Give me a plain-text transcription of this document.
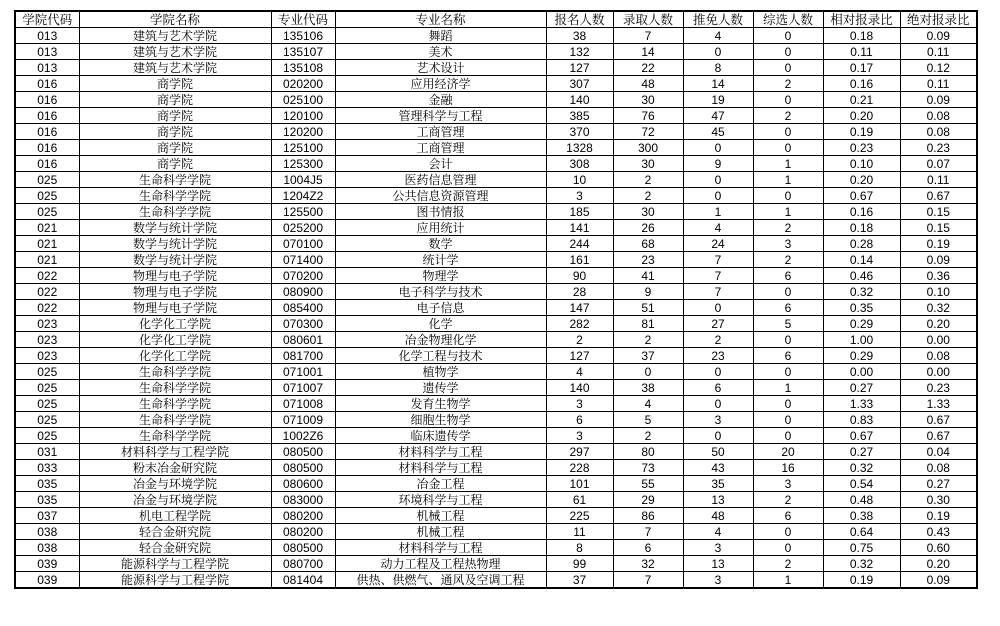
学院代码	学院名称	专业代码	专业名称	报名人数	录取人数	推免人数	综选人数	相对报录比	绝对报录比
013	建筑与艺术学院	135106	舞蹈	38	7	4	0	0.18	0.09
013	建筑与艺术学院	135107	美术	132	14	0	0	0.11	0.11
013	建筑与艺术学院	135108	艺术设计	127	22	8	0	0.17	0.12
016	商学院	020200	应用经济学	307	48	14	2	0.16	0.11
016	商学院	025100	金融	140	30	19	0	0.21	0.09
016	商学院	120100	管理科学与工程	385	76	47	2	0.20	0.08
016	商学院	120200	工商管理	370	72	45	0	0.19	0.08
016	商学院	125100	工商管理	1328	300	0	0	0.23	0.23
016	商学院	125300	会计	308	30	9	1	0.10	0.07
025	生命科学学院	1004J5	医药信息管理	10	2	0	1	0.20	0.11
025	生命科学学院	1204Z2	公共信息资源管理	3	2	0	0	0.67	0.67
025	生命科学学院	125500	图书情报	185	30	1	1	0.16	0.15
021	数学与统计学院	025200	应用统计	141	26	4	2	0.18	0.15
021	数学与统计学院	070100	数学	244	68	24	3	0.28	0.19
021	数学与统计学院	071400	统计学	161	23	7	2	0.14	0.09
022	物理与电子学院	070200	物理学	90	41	7	6	0.46	0.36
022	物理与电子学院	080900	电子科学与技术	28	9	7	0	0.32	0.10
022	物理与电子学院	085400	电子信息	147	51	0	6	0.35	0.32
023	化学化工学院	070300	化学	282	81	27	5	0.29	0.20
023	化学化工学院	080601	冶金物理化学	2	2	2	0	1.00	0.00
023	化学化工学院	081700	化学工程与技术	127	37	23	6	0.29	0.08
025	生命科学学院	071001	植物学	4	0	0	0	0.00	0.00
025	生命科学学院	071007	遗传学	140	38	6	1	0.27	0.23
025	生命科学学院	071008	发育生物学	3	4	0	0	1.33	1.33
025	生命科学学院	071009	细胞生物学	6	5	3	0	0.83	0.67
025	生命科学学院	1002Z6	临床遗传学	3	2	0	0	0.67	0.67
031	材料科学与工程学院	080500	材料科学与工程	297	80	50	20	0.27	0.04
033	粉末冶金研究院	080500	材料科学与工程	228	73	43	16	0.32	0.08
035	冶金与环境学院	080600	冶金工程	101	55	35	3	0.54	0.27
035	冶金与环境学院	083000	环境科学与工程	61	29	13	2	0.48	0.30
037	机电工程学院	080200	机械工程	225	86	48	6	0.38	0.19
038	轻合金研究院	080200	机械工程	11	7	4	0	0.64	0.43
038	轻合金研究院	080500	材料科学与工程	8	6	3	0	0.75	0.60
039	能源科学与工程学院	080700	动力工程及工程热物理	99	32	13	2	0.32	0.20
039	能源科学与工程学院	081404	供热、供燃气、通风及空调工程	37	7	3	1	0.19	0.09
